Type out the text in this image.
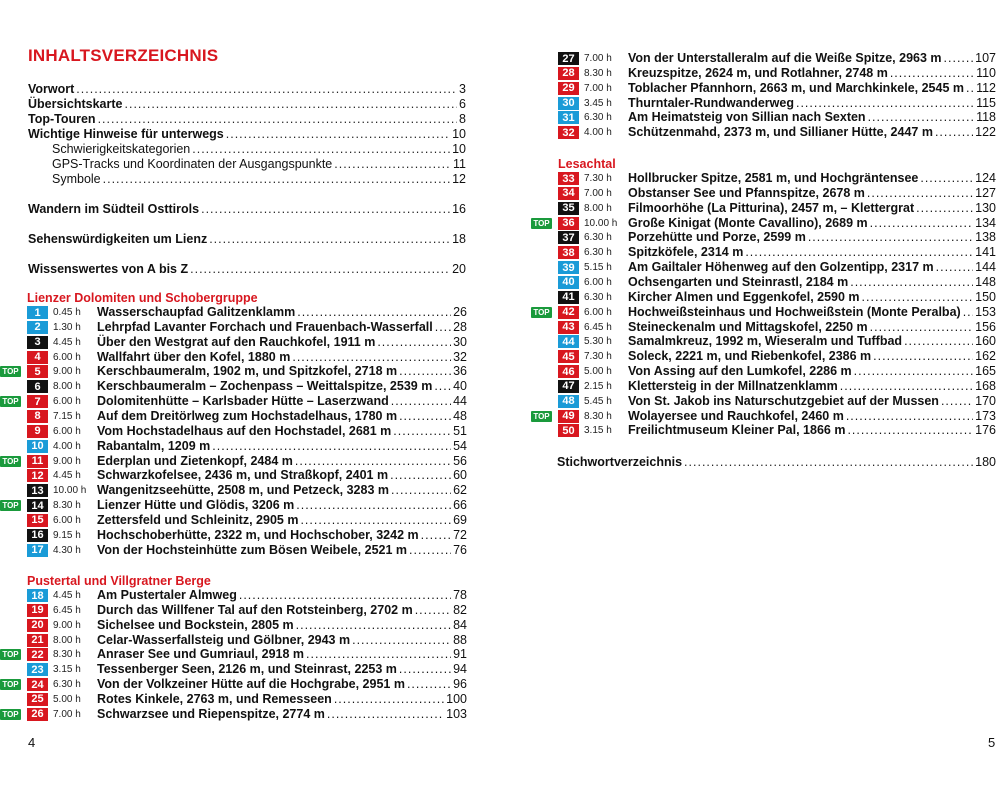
INHALTSVERZEICHNIS
Vorwort .....	3
Übersichtskarte .....	6
Top-Touren .....	8
Wichtige Hinweise für unterwegs .....	10
Schwierigkeitskategorien .....	10
GPS-Tracks und Koordinaten der Ausgangspunkte .....	11
Symbole .....	12
Wandern im Südteil Osttirols .....	16
Sehenswürdigkeiten um Lienz .....	18
Wissenswertes von A bis Z .....	20
Lienzer Dolomiten und Schobergruppe
1	0.45 h Wasserschaupfad Galitzenklamm .....	26
2	1.30 h Lehrpfad Lavanter Forchach und Frauenbach-Wasserfall ..... 28
3	4.45 h Über den Westgrat auf den Rauchkofel, 1911 m .....	30
4	6.00 h Wallfahrt über den Kofel, 1880 m .....	32
TOP	5	9.00 h Kerschbaumeralm, 1902 m, und Spitzkofel, 2718 m .....	36
6	8.00 h Kerschbaumeralm – Zochenpass – Weittalspitze, 2539 m ..... 40
TOP	7	6.00 h Dolomitenhütte – Karlsbader Hütte – Laserzwand .....	44
8	7.15 h Auf dem Dreitörlweg zum Hochstadelhaus, 1780 m .....	48
9	6.00 h Vom Hochstadelhaus auf den Hochstadel, 2681 m .....	51
10 4.00 h Rabantalm, 1209 m .....	54
TOP	11 9.00 h Ederplan und Zietenkopf, 2484 m .....	56
12 4.45 h Schwarzkofelsee, 2436 m, und Straßkopf, 2401 m .....	60
13 10.00 h Wangenitzseehütte, 2508 m, und Petzeck, 3283 m .....	62
TOP	14 8.30 h Lienzer Hütte und Glödis, 3206 m .....	66
15 6.00 h Zettersfeld und Schleinitz, 2905 m .....	69
16 9.15 h Hochschoberhütte, 2322 m, und Hochschober, 3242 m .....	72
17 4.30 h Von der Hochsteinhütte zum Bösen Weibele, 2521 m .....	76
Pustertal und Villgratner Berge
18 4.45 h Am Pustertaler Almweg .....	78
19 6.45 h Durch das Willfener Tal auf den Rotsteinberg, 2702 m .....	82
20 9.00 h Sichelsee und Bockstein, 2805 m .....	84
21 8.00 h Celar-Wasserfallsteig und Gölbner, 2943 m .....	88
TOP	22 8.30 h Anraser See und Gumriaul, 2918 m .....	91
23 3.15 h Tessenberger Seen, 2126 m, und Steinrast, 2253 m .....	94
TOP	24 6.30 h Von der Volkzeiner Hütte auf die Hochgrabe, 2951 m .....	96
25 5.00 h Rotes Kinkele, 2763 m, und Remesseen .....	100
TOP	26 7.00 h Schwarzsee und Riepenspitze, 2774 m .....	103
4
27 7.00 h Von der Unterstalleralm auf die Weiße Spitze, 2963 m .....	107
28 8.30 h Kreuzspitze, 2624 m, und Rotlahner, 2748 m .....	110
29 7.00 h Toblacher Pfannhorn, 2663 m, und Marchkinkele, 2545 m ..... 112
30 3.45 h Thurntaler-Rundwanderweg .....	115
31 6.30 h Am Heimatsteig von Sillian nach Sexten .....	118
32 4.00 h Schützenmahd, 2373 m, und Sillianer Hütte, 2447 m .....	122
Lesachtal
33 7.30 h Hollbrucker Spitze, 2581 m, und Hochgräntensee .....	124
34 7.00 h Obstanser See und Pfannspitze, 2678 m .....	127
35 8.00 h Filmoorhöhe (La Pitturina), 2457 m, – Klettergrat .....	130
TOP	36 10.00 h Große Kinigat (Monte Cavallino), 2689 m .....	134
37 6.30 h Porzehütte und Porze, 2599 m .....	138
38 6.30 h Spitzköfele, 2314 m .....	141
39 5.15 h Am Gailtaler Höhenweg auf den Golzentipp, 2317 m .....	144
40 6.00 h Ochsengarten und Steinrastl, 2184 m .....	148
41 6.30 h Kircher Almen und Eggenkofel, 2590 m .....	150
TOP	42 6.00 h Hochweißsteinhaus und Hochweißstein (Monte Peralba) ..... 153
43 6.45 h Steineckenalm und Mittagskofel, 2250 m .....	156
44 5.30 h Samalmkreuz, 1992 m, Wieseralm und Tuffbad .....	160
45 7.30 h Soleck, 2221 m, und Riebenkofel, 2386 m .....	162
46 5.00 h Von Assing auf den Lumkofel, 2286 m .....	165
47 2.15 h Klettersteig in der Millnatzenklamm .....	168
48 5.45 h Von St. Jakob ins Naturschutzgebiet auf der Mussen .....	170
TOP	49 8.30 h Wolayersee und Rauchkofel, 2460 m .....	173
50 3.15 h Freilichtmuseum Kleiner Pal, 1866 m .....	176
Stichwortverzeichnis .....	180
5
